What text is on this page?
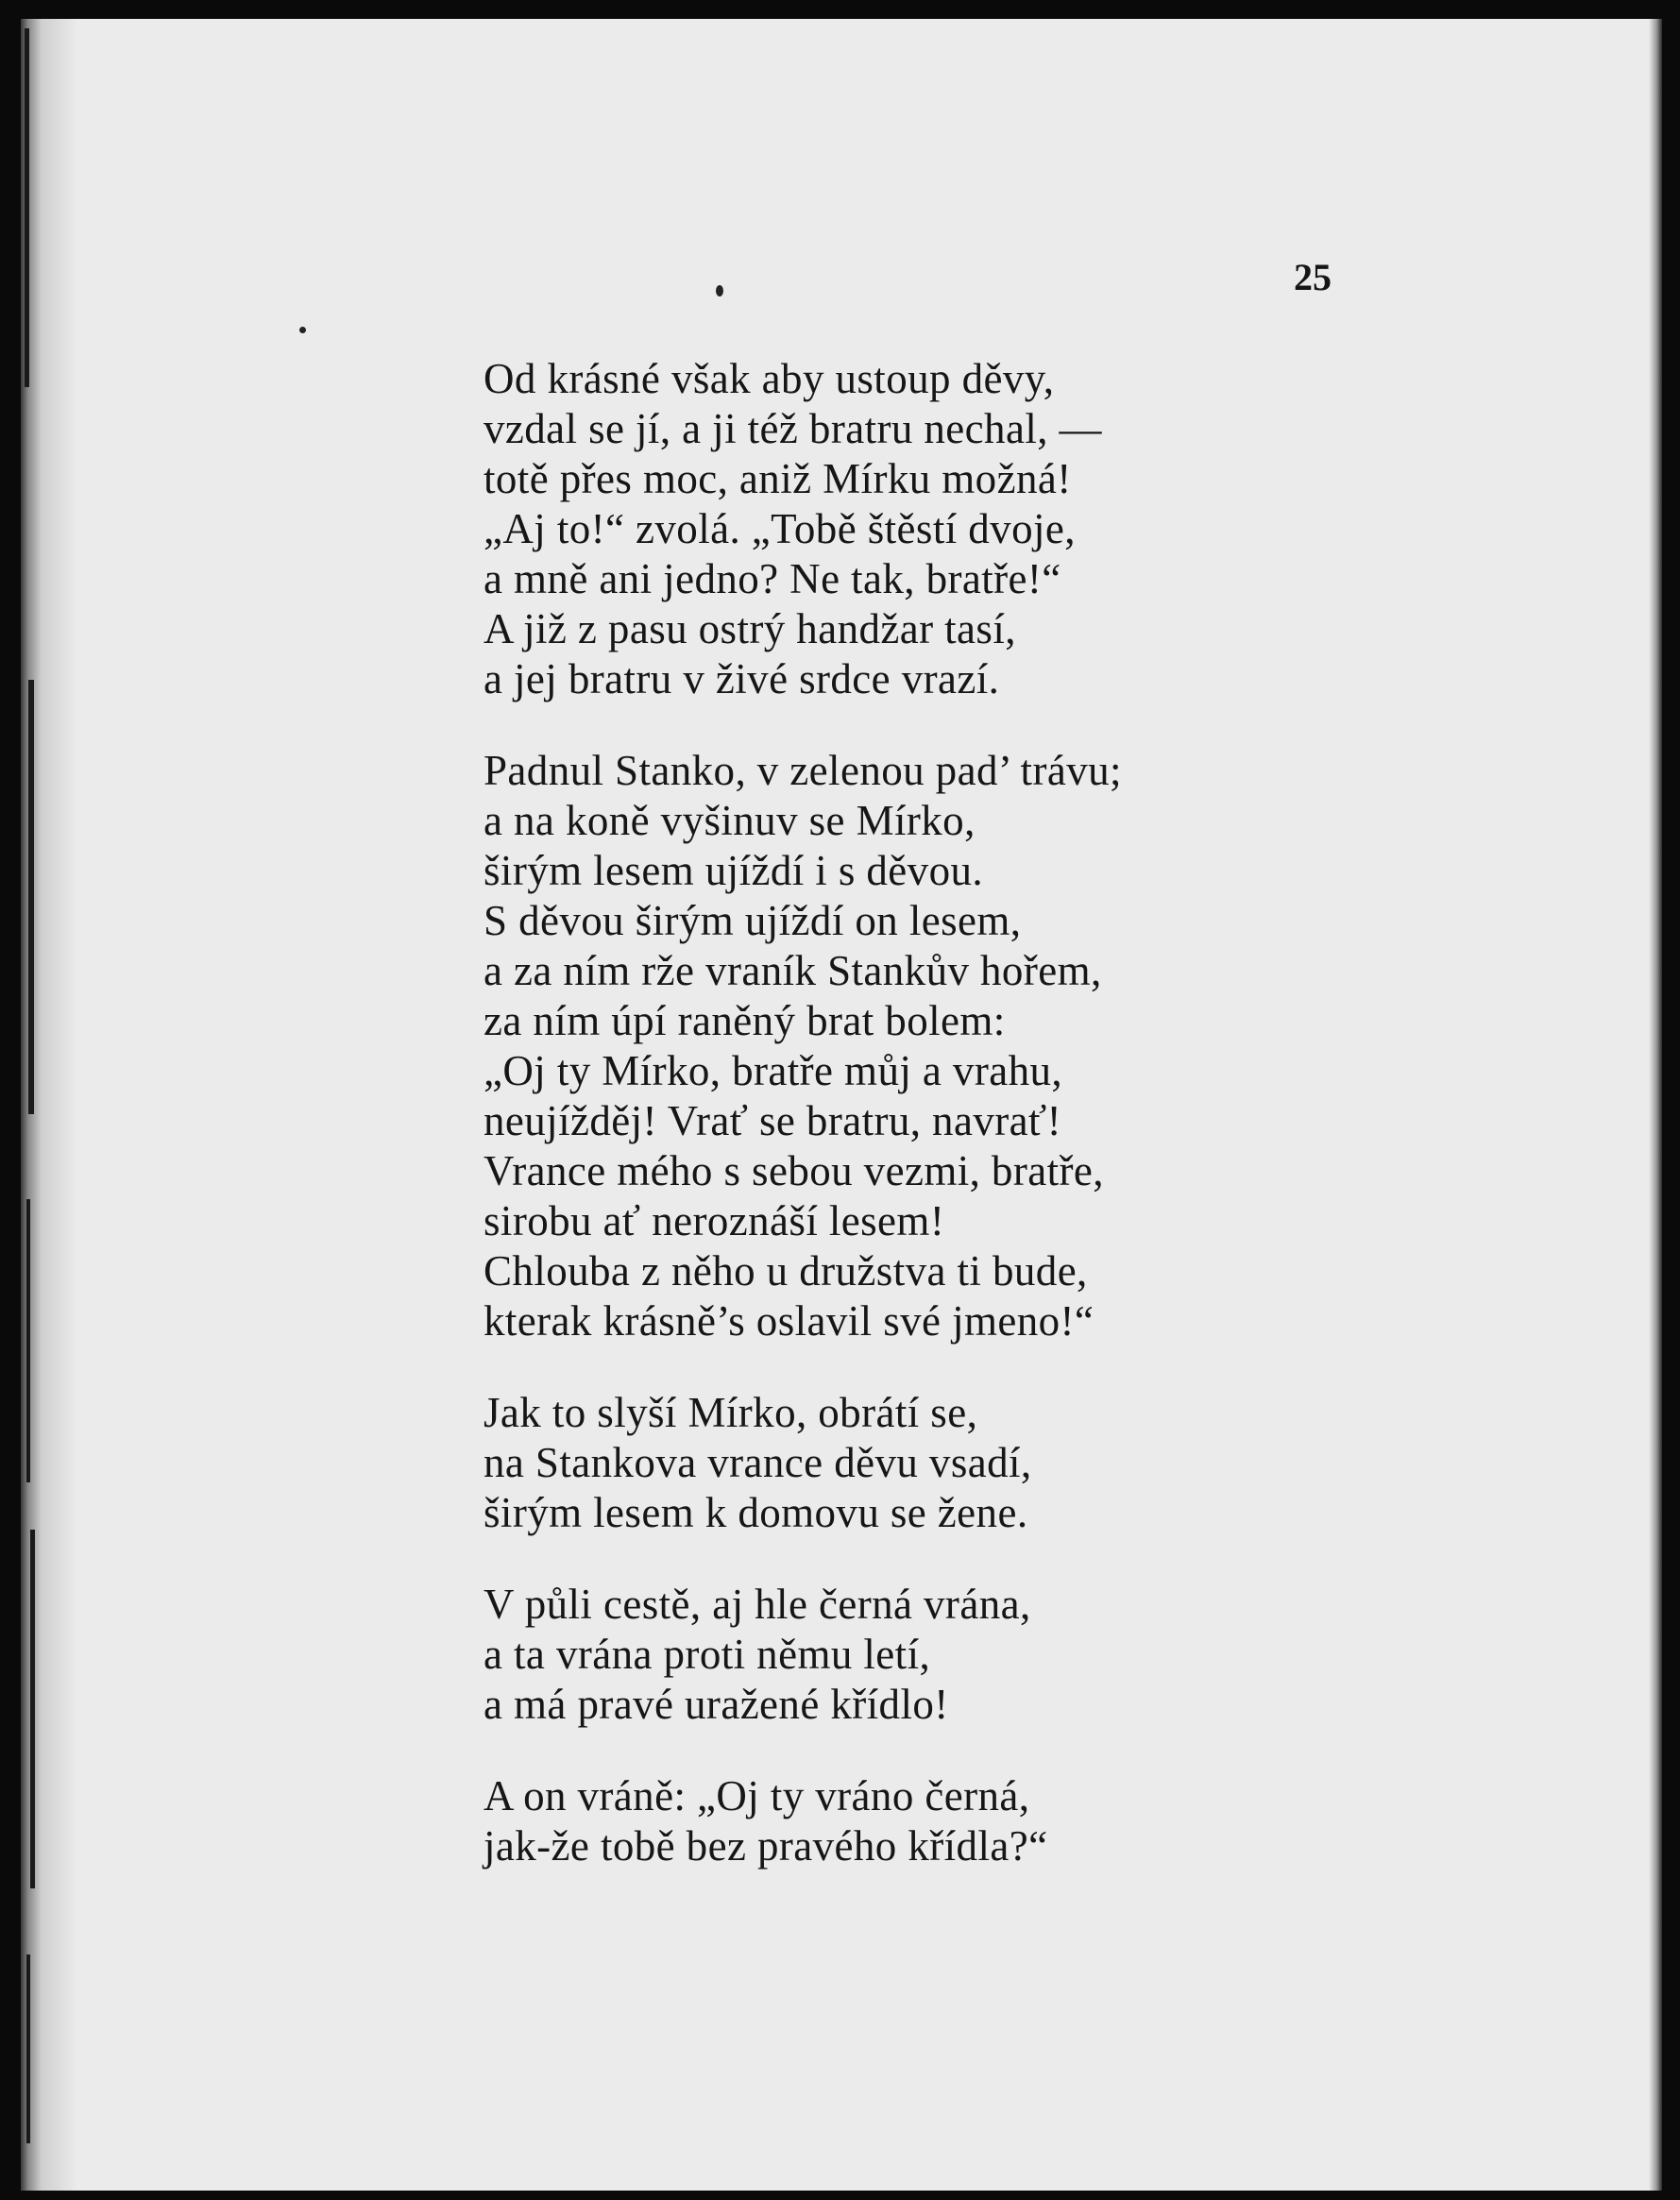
25
Od krásné však aby ustoup děvy,
vzdal se jí, a ji též bratru nechal, —
totě přes moc, aniž Mírku možná!
„Aj to!“ zvolá. „Tobě štěstí dvoje,
a mně ani jedno? Ne tak, bratře!“
A již z pasu ostrý handžar tasí,
a jej bratru v živé srdce vrazí.
Padnul Stanko, v zelenou pad’ trávu;
a na koně vyšinuv se Mírko,
širým lesem ujíždí i s děvou.
S děvou širým ujíždí on lesem,
a za ním rže vraník Stankův hořem,
za ním úpí raněný brat bolem:
„Oj ty Mírko, bratře můj a vrahu,
neujížděj! Vrať se bratru, navrať!
Vrance mého s sebou vezmi, bratře,
sirobu ať neroznáší lesem!
Chlouba z něho u družstva ti bude,
kterak krásně’s oslavil své jmeno!“
Jak to slyší Mírko, obrátí se,
na Stankova vrance děvu vsadí,
širým lesem k domovu se žene.
V půli cestě, aj hle černá vrána,
a ta vrána proti němu letí,
a má pravé uražené křídlo!
A on vráně: „Oj ty vráno černá,
jak-že tobě bez pravého křídla?“
